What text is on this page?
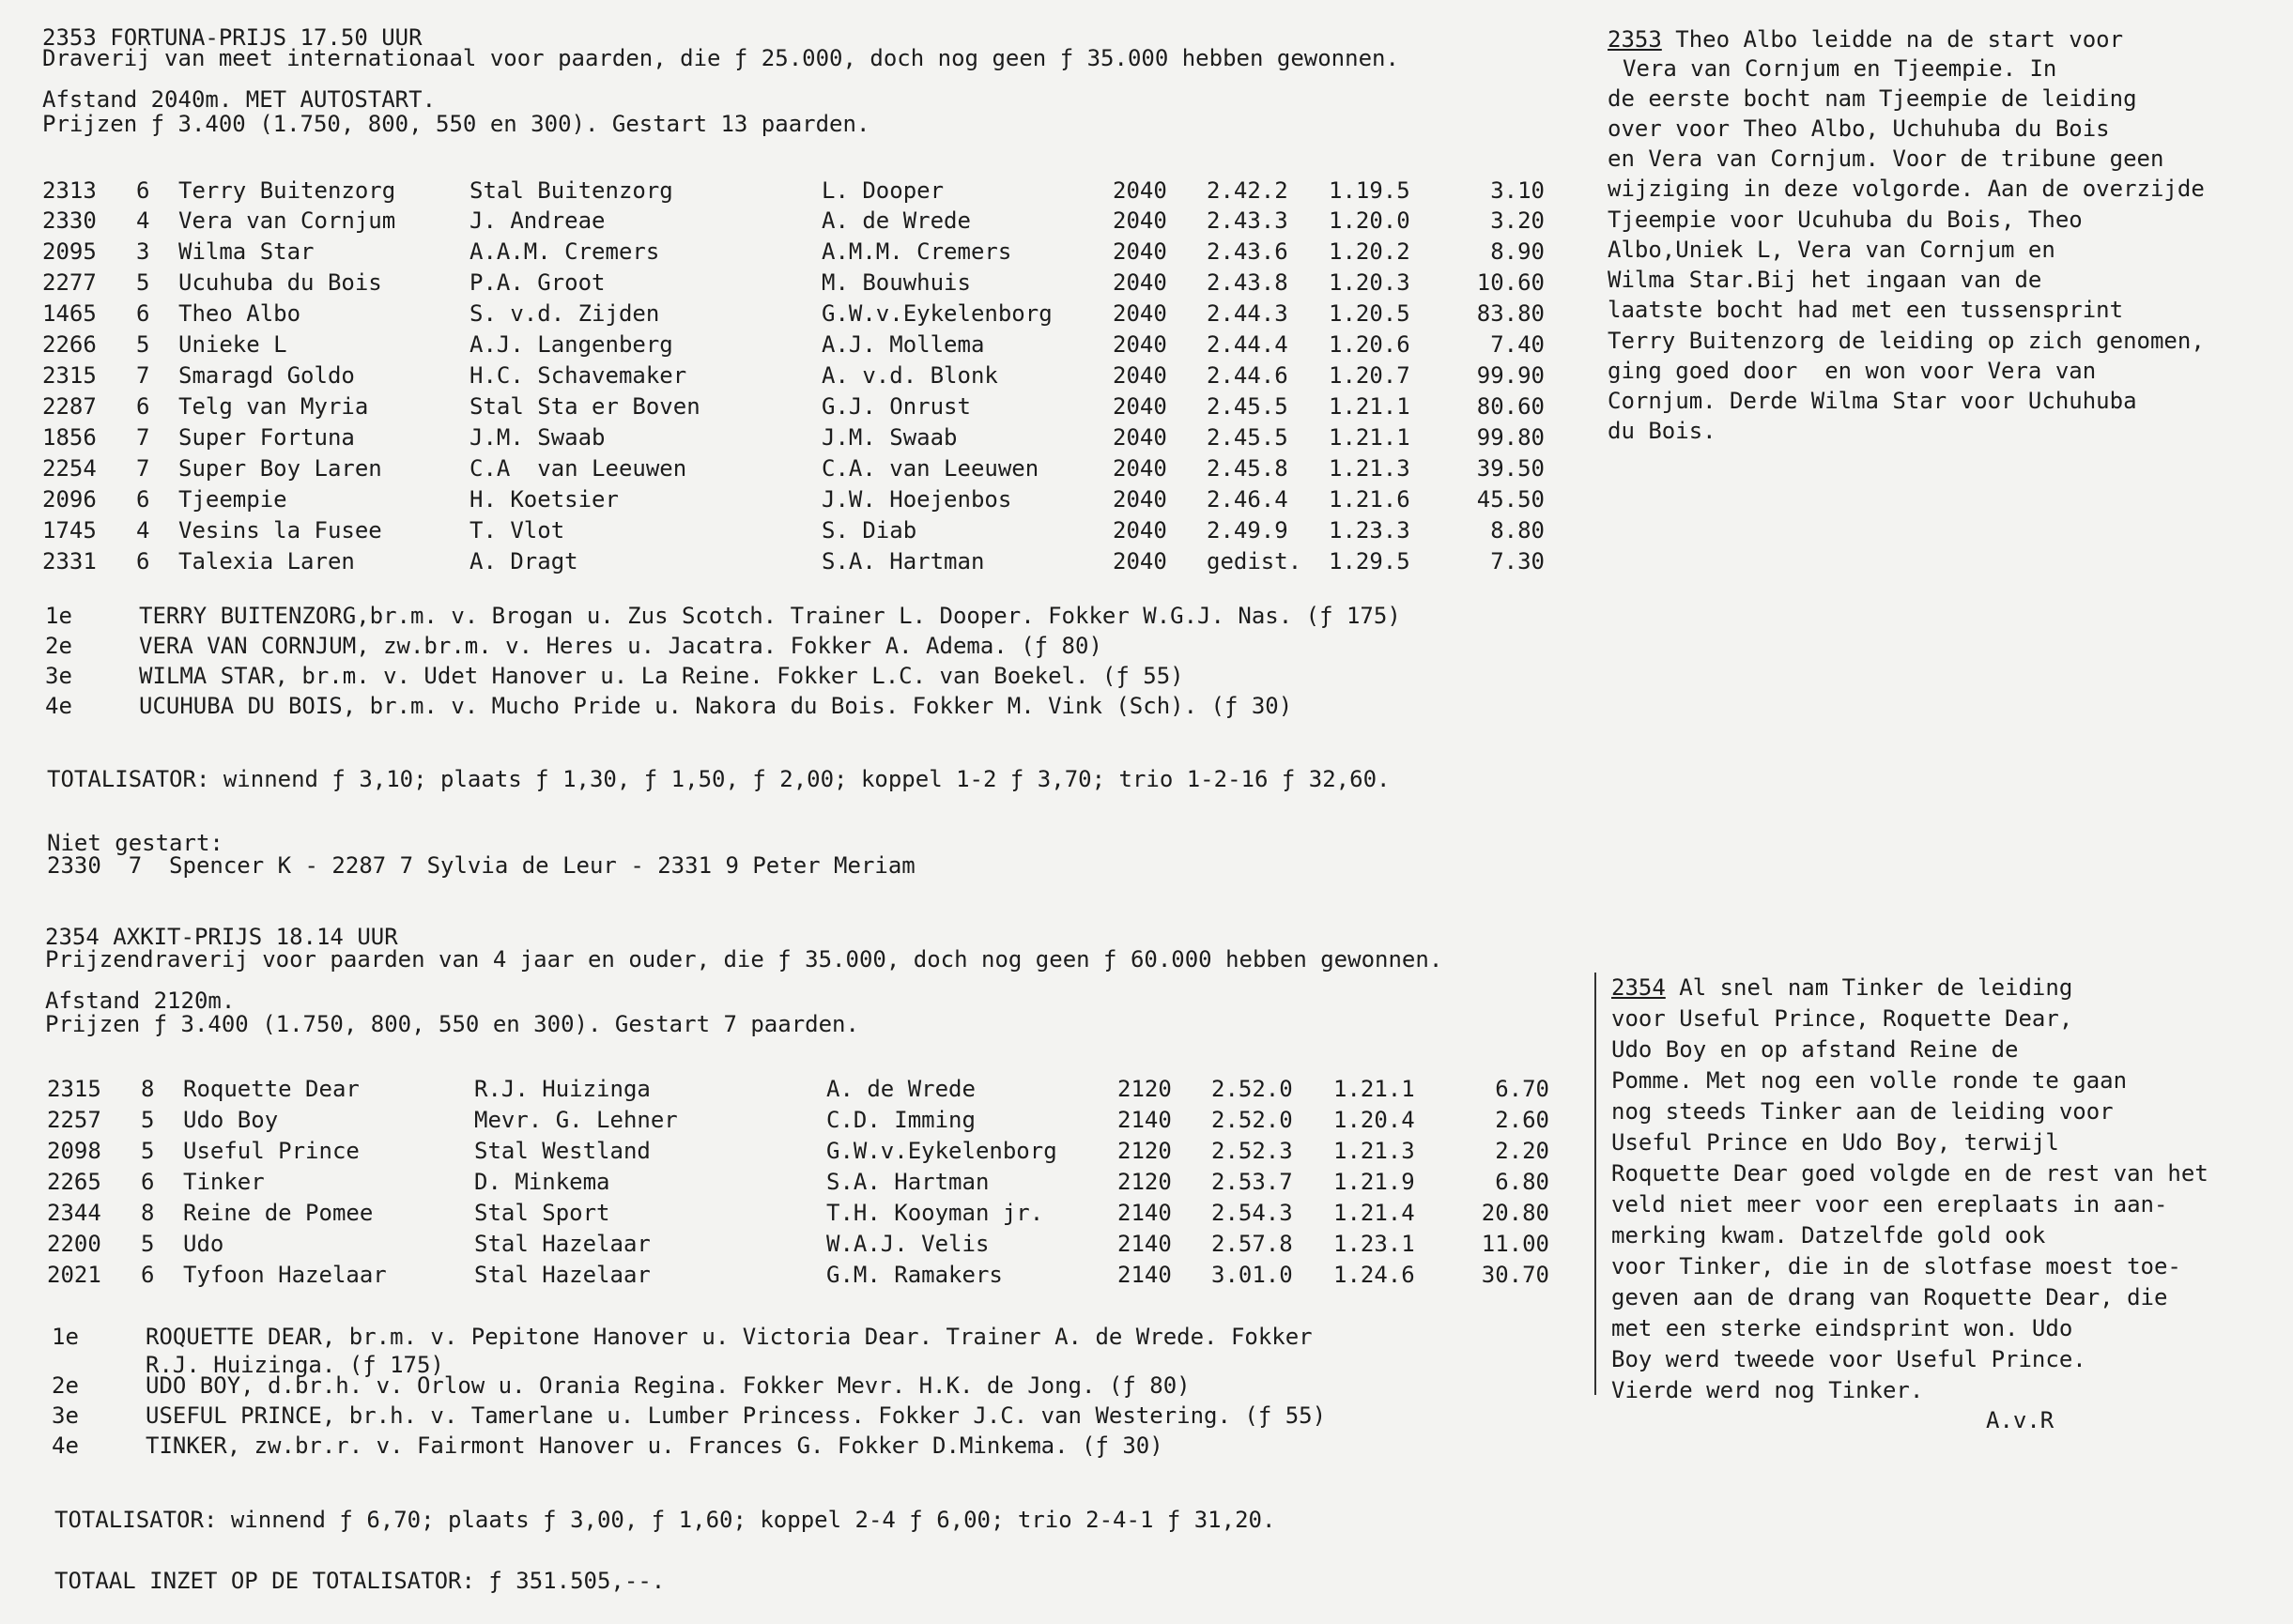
2353 FORTUNA-PRIJS 17.50 UUR
Draverij van meet internationaal voor paarden, die ƒ 25.000, doch nog geen ƒ 35.000 hebben gewonnen.
Afstand 2040m. MET AUTOSTART.
Prijzen ƒ 3.400 (1.750, 800, 550 en 300). Gestart 13 paarden.
2313 6 Terry Buitenzorg	Stal Buitenzorg	L. Dooper	2040 2.42.2 1.19.5	3.10
2330 4 Vera van Cornjum	J. Andreae	A. de Wrede	2040 2.43.3 1.20.0	3.20
2095 3 Wilma Star	A.A.M. Cremers	A.M.M. Cremers	2040 2.43.6 1.20.2	8.90
2277 5 Ucuhuba du Bois	P.A. Groot	M. Bouwhuis	2040 2.43.8 1.20.3	10.60
1465 6 Theo Albo	S. v.d. Zijden	G.W.v.Eykelenborg	2040 2.44.3 1.20.5	83.80
2266 5 Unieke L	A.J. Langenberg	A.J. Mollema	2040 2.44.4 1.20.6	7.40
2315 7 Smaragd Goldo	H.C. Schavemaker	A. v.d. Blonk	2040 2.44.6 1.20.7	99.90
2287 6 Telg van Myria	Stal Sta er Boven	G.J. Onrust	2040 2.45.5 1.21.1	80.60
1856 7 Super Fortuna	J.M. Swaab	J.M. Swaab	2040 2.45.5 1.21.1	99.80
2254 7 Super Boy Laren	C.A  van Leeuwen	C.A. van Leeuwen	2040 2.45.8 1.21.3	39.50
2096 6 Tjeempie	H. Koetsier	J.W. Hoejenbos	2040 2.46.4 1.21.6	45.50
1745 4 Vesins la Fusee	T. Vlot	S. Diab	2040 2.49.9 1.23.3	8.80
2331 6 Talexia Laren	A. Dragt	S.A. Hartman	2040 gedist. 1.29.5	7.30
1e	TERRY BUITENZORG,br.m. v. Brogan u. Zus Scotch. Trainer L. Dooper. Fokker W.G.J. Nas. (ƒ 175)
2e	VERA VAN CORNJUM, zw.br.m. v. Heres u. Jacatra. Fokker A. Adema. (ƒ 80)
3e	WILMA STAR, br.m. v. Udet Hanover u. La Reine. Fokker L.C. van Boekel. (ƒ 55)
4e	UCUHUBA DU BOIS, br.m. v. Mucho Pride u. Nakora du Bois. Fokker M. Vink (Sch). (ƒ 30)
TOTALISATOR: winnend ƒ 3,10; plaats ƒ 1,30, ƒ 1,50, ƒ 2,00; koppel 1-2 ƒ 3,70; trio 1-2-16 ƒ 32,60.
Niet gestart:
2330  7  Spencer K - 2287 7 Sylvia de Leur - 2331 9 Peter Meriam
2353 Theo Albo leidde na de start voor
Vera van Cornjum en Tjeempie. In
de eerste bocht nam Tjeempie de leiding
over voor Theo Albo, Uchuhuba du Bois
en Vera van Cornjum. Voor de tribune geen
wijziging in deze volgorde. Aan de overzijde
Tjeempie voor Ucuhuba du Bois, Theo
Albo,Uniek L, Vera van Cornjum en
Wilma Star.Bij het ingaan van de
laatste bocht had met een tussensprint
Terry Buitenzorg de leiding op zich genomen,
ging goed door  en won voor Vera van
Cornjum. Derde Wilma Star voor Uchuhuba
du Bois.
2354 AXKIT-PRIJS 18.14 UUR
Prijzendraverij voor paarden van 4 jaar en ouder, die ƒ 35.000, doch nog geen ƒ 60.000 hebben gewonnen.
Afstand 2120m.
Prijzen ƒ 3.400 (1.750, 800, 550 en 300). Gestart 7 paarden.
2315 8 Roquette Dear	R.J. Huizinga	A. de Wrede	2120 2.52.0 1.21.1	6.70
2257 5 Udo Boy	Mevr. G. Lehner	C.D. Imming	2140 2.52.0 1.20.4	2.60
2098 5 Useful Prince	Stal Westland	G.W.v.Eykelenborg	2120 2.52.3 1.21.3	2.20
2265 6 Tinker	D. Minkema	S.A. Hartman	2120 2.53.7 1.21.9	6.80
2344 8 Reine de Pomee	Stal Sport	T.H. Kooyman jr.	2140 2.54.3 1.21.4	20.80
2200 5 Udo	Stal Hazelaar	W.A.J. Velis	2140 2.57.8 1.23.1	11.00
2021 6 Tyfoon Hazelaar	Stal Hazelaar	G.M. Ramakers	2140 3.01.0 1.24.6	30.70
1e	ROQUETTE DEAR, br.m. v. Pepitone Hanover u. Victoria Dear. Trainer A. de Wrede. Fokker
R.J. Huizinga. (ƒ 175)
2e	UDO BOY, d.br.h. v. Orlow u. Orania Regina. Fokker Mevr. H.K. de Jong. (ƒ 80)
3e	USEFUL PRINCE, br.h. v. Tamerlane u. Lumber Princess. Fokker J.C. van Westering. (ƒ 55)
4e	TINKER, zw.br.r. v. Fairmont Hanover u. Frances G. Fokker D.Minkema. (ƒ 30)
TOTALISATOR: winnend ƒ 6,70; plaats ƒ 3,00, ƒ 1,60; koppel 2-4 ƒ 6,00; trio 2-4-1 ƒ 31,20.
TOTAAL INZET OP DE TOTALISATOR: ƒ 351.505,--.
2354 Al snel nam Tinker de leiding
voor Useful Prince, Roquette Dear,
Udo Boy en op afstand Reine de
Pomme. Met nog een volle ronde te gaan
nog steeds Tinker aan de leiding voor
Useful Prince en Udo Boy, terwijl
Roquette Dear goed volgde en de rest van het
veld niet meer voor een ereplaats in aan-
merking kwam. Datzelfde gold ook
voor Tinker, die in de slotfase moest toe-
geven aan de drang van Roquette Dear, die
met een sterke eindsprint won. Udo
Boy werd tweede voor Useful Prince.
Vierde werd nog Tinker.
A.v.R
